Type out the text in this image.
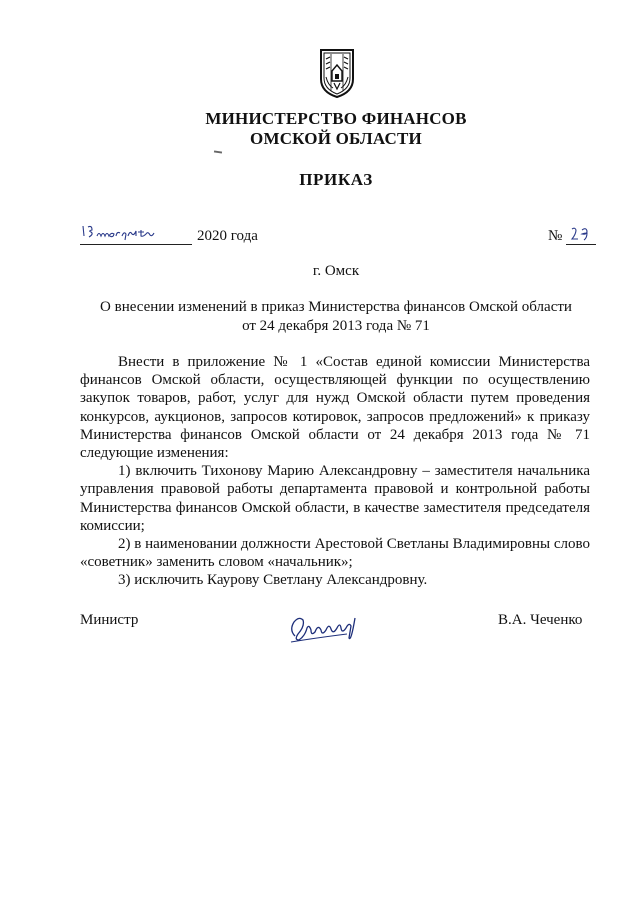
МИНИСТЕРСТВО ФИНАНСОВ
ОМСКОЙ ОБЛАСТИ
ПРИКАЗ
2020 года	№
г. Омск
О внесении изменений в приказ Министерства финансов Омской области
от 24 декабря 2013 года № 71

Внести в приложение № 1 «Состав единой комиссии Министерства финансов Омской области, осуществляющей функции по осуществлению закупок товаров, работ, услуг для нужд Омской области путем проведения конкурсов, аукционов, запросов котировок, запросов предложений» к приказу Министерства финансов Омской области от 24 декабря 2013 года № 71 следующие изменения:

1) включить Тихонову Марию Александровну – заместителя начальника управления правовой работы департамента правовой и контрольной работы Министерства финансов Омской области, в качестве заместителя председателя комиссии;

2) в наименовании должности Арестовой Светланы Владимировны слово «советник» заменить словом «начальник»;

3) исключить Каурову Светлану Александровну.

Министр	В.А. Чеченко
